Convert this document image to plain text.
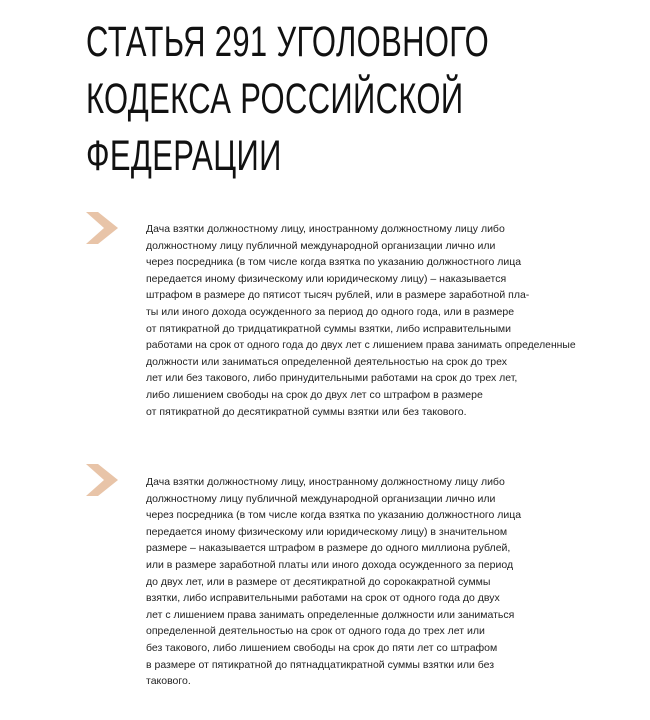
СТАТЬЯ 291 УГОЛОВНОГО
КОДЕКСА РОССИЙСКОЙ
ФЕДЕРАЦИИ

Дача взятки должностному лицу, иностранному должностному лицу либо
должностному лицу публичной международной организации лично или
через посредника (в том числе когда взятка по указанию должностного лица
передается иному физическому или юридическому лицу) – наказывается
штрафом в размере до пятисот тысяч рублей, или в размере заработной пла-
ты или иного дохода осужденного за период до одного года, или в размере
от пятикратной до тридцатикратной суммы взятки, либо исправительными
работами на срок от одного года до двух лет с лишением права занимать определенные
должности или заниматься определенной деятельностью на срок до трех
лет или без такового, либо принудительными работами на срок до трех лет,
либо лишением свободы на срок до двух лет со штрафом в размере
от пятикратной до десятикратной суммы взятки или без такового.

Дача взятки должностному лицу, иностранному должностному лицу либо
должностному лицу публичной международной организации лично или
через посредника (в том числе когда взятка по указанию должностного лица
передается иному физическому или юридическому лицу) в значительном
размере – наказывается штрафом в размере до одного миллиона рублей,
или в размере заработной платы или иного дохода осужденного за период
до двух лет, или в размере от десятикратной до сорокакратной суммы
взятки, либо исправительными работами на срок от одного года до двух
лет с лишением права занимать определенные должности или заниматься
определенной деятельностью на срок от одного года до трех лет или
без такового, либо лишением свободы на срок до пяти лет со штрафом
в размере от пятикратной до пятнадцатикратной суммы взятки или без
такового.
